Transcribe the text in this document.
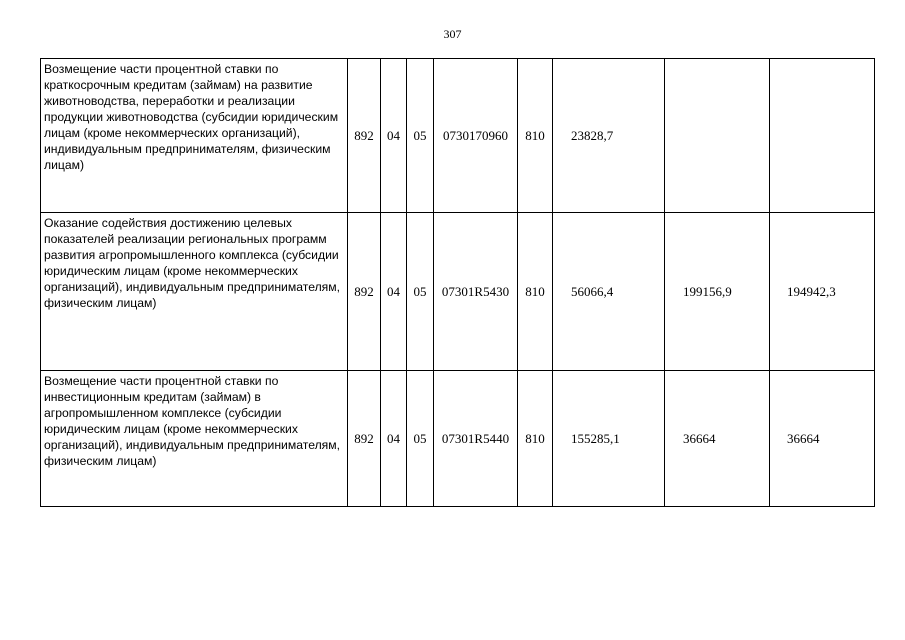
307
Возмещение части процентной ставки по краткосрочным кредитам (займам) на развитие животноводства, переработки и реализации продукции животноводства (субсидии юридическим лицам (кроме некоммерческих организаций), индивидуальным предпринимателям, физическим лицам)	892	04	05	0730170960	810	23828,7		
Оказание содействия достижению целевых показателей реализации региональных программ развития агропромышленного комплекса (субсидии юридическим лицам (кроме некоммерческих организаций), индивидуальным предпринимателям, физическим лицам)	892	04	05	07301R5430	810	56066,4	199156,9	194942,3
Возмещение части процентной ставки по инвестиционным кредитам (займам) в агропромышленном комплексе (субсидии юридическим лицам (кроме некоммерческих организаций), индивидуальным предпринимателям, физическим лицам)	892	04	05	07301R5440	810	155285,1	36664	36664
